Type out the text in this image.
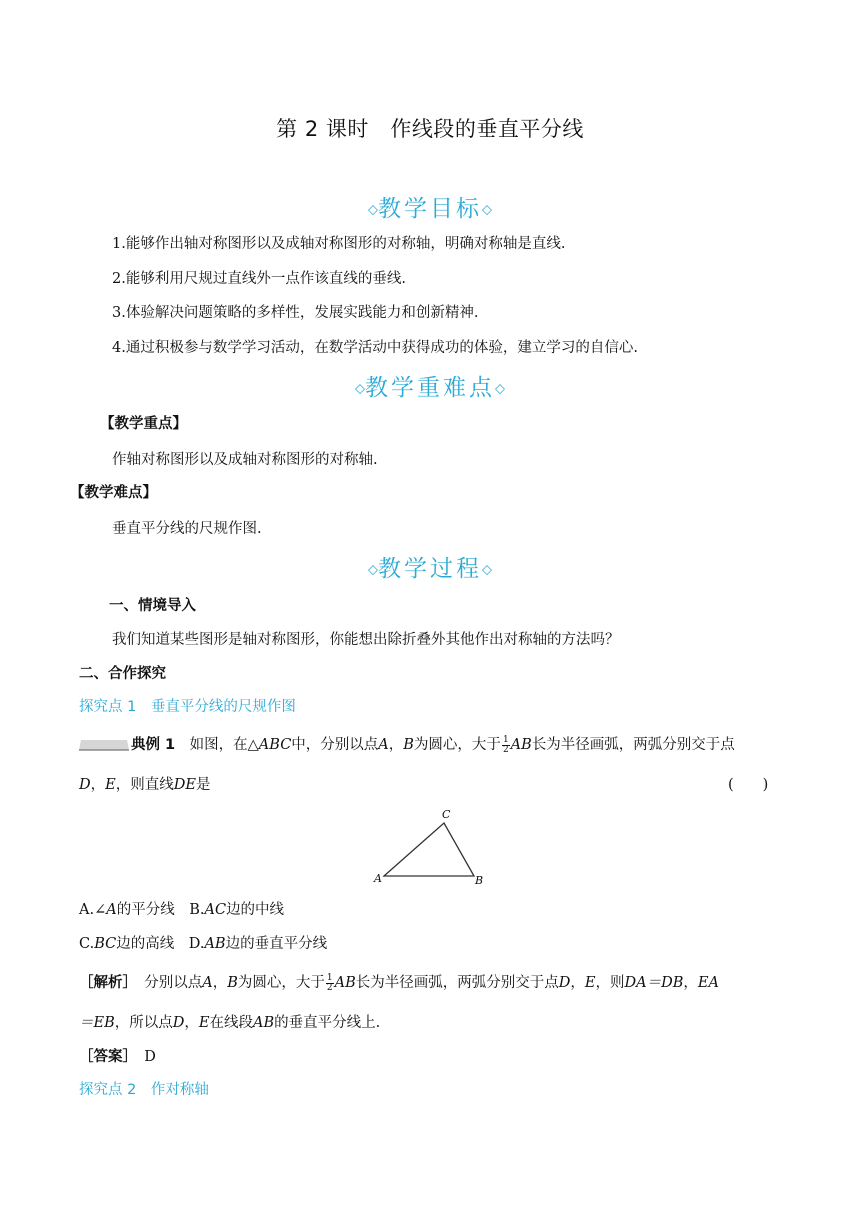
第 2 课时　作线段的垂直平分线
◇教学目标◇
1.能够作出轴对称图形以及成轴对称图形的对称轴，明确对称轴是直线.
2.能够利用尺规过直线外一点作该直线的垂线.
3.体验解决问题策略的多样性，发展实践能力和创新精神.
4.通过积极参与数学学习活动，在数学活动中获得成功的体验，建立学习的自信心.
◇教学重难点◇
【教学重点】
作轴对称图形以及成轴对称图形的对称轴.
【教学难点】
垂直平分线的尺规作图.
◇教学过程◇
一、情境导入
我们知道某些图形是轴对称图形，你能想出除折叠外其他作出对称轴的方法吗？
二、合作探究
探究点 1　垂直平分线的尺规作图
典例 1　 如图，在△ABC中，分别以点A，B为圆心，大于 $\frac{1}{2}$ AB长为半径画弧，两弧分别交于点
D，E，则直线DE是	(　　)
A	B
C
A.∠A的平分线　 B.AC边的中线
C.BC边的高线　 D.AB边的垂直平分线
［解析］　 分别以点A，B为圆心，大于 $\frac{1}{2}$ AB长为半径画弧，两弧分别交于点D，E，则DA＝DB，EA
＝EB，所以点D，E在线段AB的垂直平分线上.
［答案］　 D
探究点 2　作对称轴
